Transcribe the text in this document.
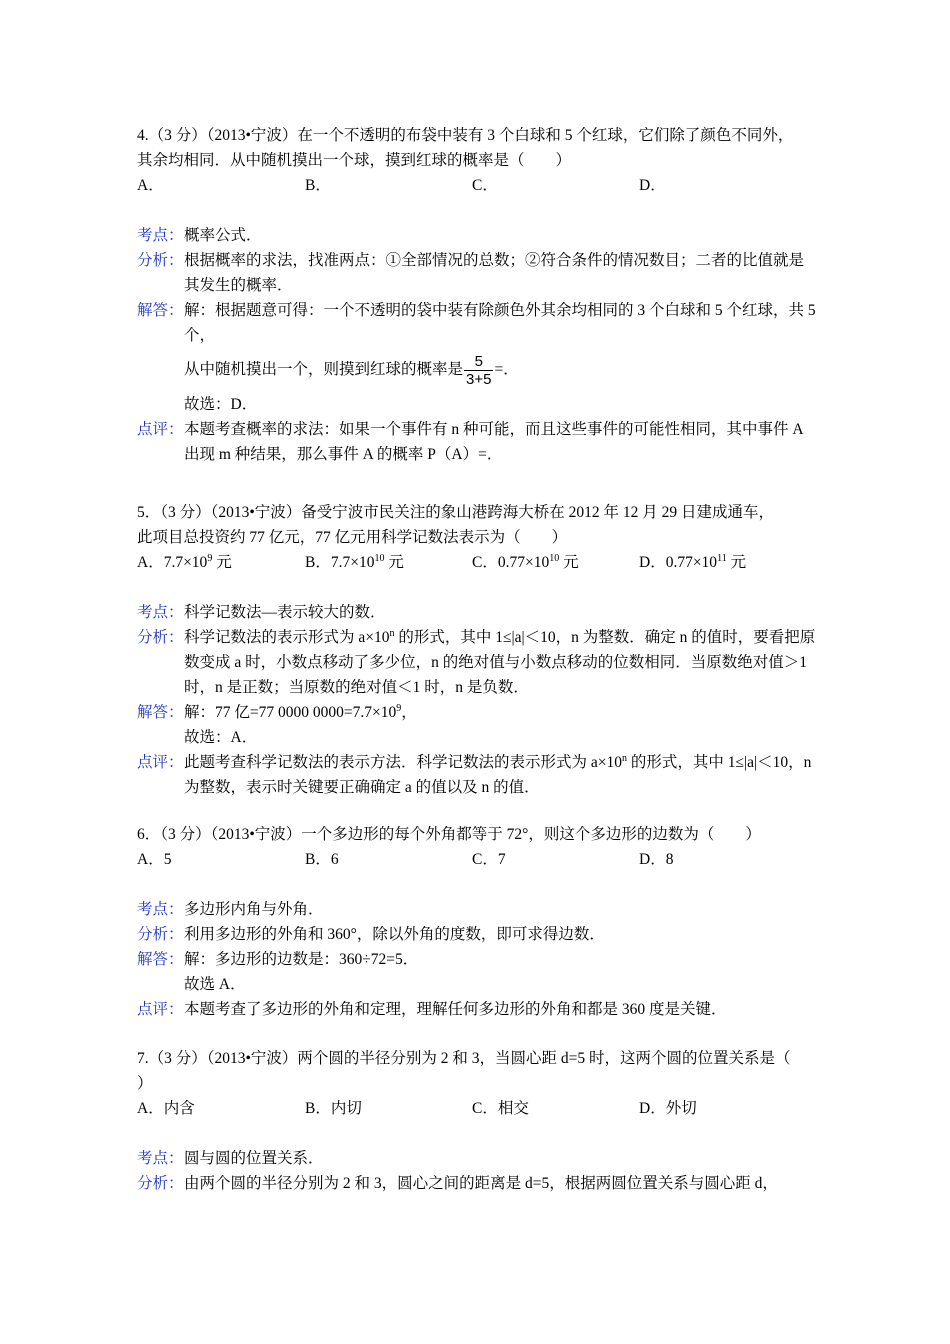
4.（3 分）（2013•宁波）在一个不透明的布袋中装有 3 个白球和 5 个红球，它们除了颜色不同外，
其余均相同．从中随机摸出一个球，摸到红球的概率是（　　）
A．	B．	C．	D．
考点： 概率公式．
分析： 根据概率的求法，找准两点：①全部情况的总数；②符合条件的情况数目；二者的比值就是其发生的概率．
解答： 解：根据题意可得：一个不透明的袋中装有除颜色外其余均相同的 3 个白球和 5 个红球，共 5 个，
从中随机摸出一个，则摸到红球的概率是 $\frac{5}{3+5}$ =．
故选：D．
点评： 本题考查概率的求法：如果一个事件有 n 种可能，而且这些事件的可能性相同，其中事件 A 出现 m 种结果，那么事件 A 的概率 P（A）=．
5．（3 分）（2013•宁波）备受宁波市民关注的象山港跨海大桥在 2012 年 12 月 29 日建成通车，
此项目总投资约 77 亿元，77 亿元用科学记数法表示为（　　）
A．$7.7\times 10^9$ 元	B．$7.7\times 10^{10}$ 元	C．$0.77\times 10^{10}$ 元	D．$0.77\times 10^{11}$ 元
考点： 科学记数法—表示较大的数．
分析： 科学记数法的表示形式为 $a\times 10^n$ 的形式，其中 1≤|a|＜10，n 为整数．确定 n 的值时，要看把原数变成 a 时，小数点移动了多少位，n 的绝对值与小数点移动的位数相同．当原数绝对值＞1 时，n 是正数；当原数的绝对值＜1 时，n 是负数．
解答： 解：77 亿=77 0000 $0000=7.7\times 10^9$，
故选：A．
点评： 此题考查科学记数法的表示方法．科学记数法的表示形式为 $a\times 10^n$ 的形式，其中 1≤|a|＜10，n 为整数，表示时关键要正确确定 a 的值以及 n 的值．
6．（3 分）（2013•宁波）一个多边形的每个外角都等于 72°，则这个多边形的边数为（　　）
A．5	B．6	C．7	D．8
考点： 多边形内角与外角．
分析： 利用多边形的外角和 360°，除以外角的度数，即可求得边数．
解答： 解：多边形的边数是：360÷72=5．
故选 A．
点评： 本题考查了多边形的外角和定理，理解任何多边形的外角和都是 360 度是关键．
7.（3 分）（2013•宁波）两个圆的半径分别为 2 和 3，当圆心距 d=5 时，这两个圆的位置关系是（
）
A．内含	B．内切	C．相交	D．外切
考点： 圆与圆的位置关系．
分析： 由两个圆的半径分别为 2 和 3，圆心之间的距离是 d=5，根据两圆位置关系与圆心距 d，
